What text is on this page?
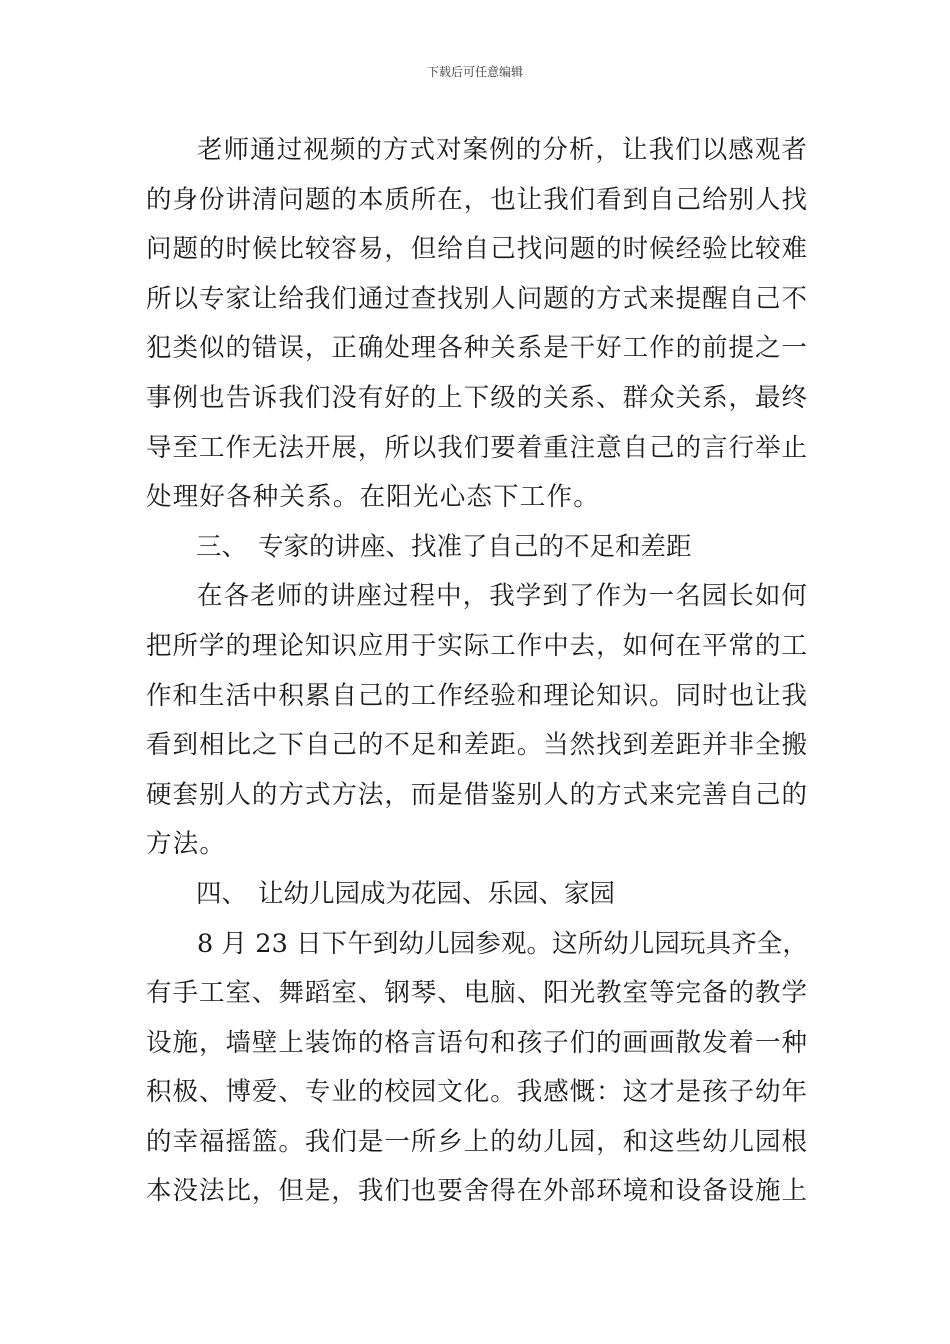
下载后可任意编辑
老师通过视频的方式对案例的分析，让我们以感观者
的身份讲清问题的本质所在，也让我们看到自己给别人找
问题的时候比较容易，但给自己找问题的时候经验比较难
所以专家让给我们通过查找别人问题的方式来提醒自己不
犯类似的错误，正确处理各种关系是干好工作的前提之一
事例也告诉我们没有好的上下级的关系、群众关系，最终
导至工作无法开展，所以我们要着重注意自己的言行举止
处理好各种关系。在阳光心态下工作。
三、 专家的讲座、找准了自己的不足和差距
在各老师的讲座过程中，我学到了作为一名园长如何
把所学的理论知识应用于实际工作中去，如何在平常的工
作和生活中积累自己的工作经验和理论知识。同时也让我
看到相比之下自己的不足和差距。当然找到差距并非全搬
硬套别人的方式方法，而是借鉴别人的方式来完善自己的
方法。
四、 让幼儿园成为花园、乐园、家园
8 月 23 日下午到幼儿园参观。这所幼儿园玩具齐全，
有手工室、舞蹈室、钢琴、电脑、阳光教室等完备的教学
设施，墙壁上装饰的格言语句和孩子们的画画散发着一种
积极、博爱、专业的校园文化。我感慨：这才是孩子幼年
的幸福摇篮。我们是一所乡上的幼儿园，和这些幼儿园根
本没法比，但是，我们也要舍得在外部环境和设备设施上
